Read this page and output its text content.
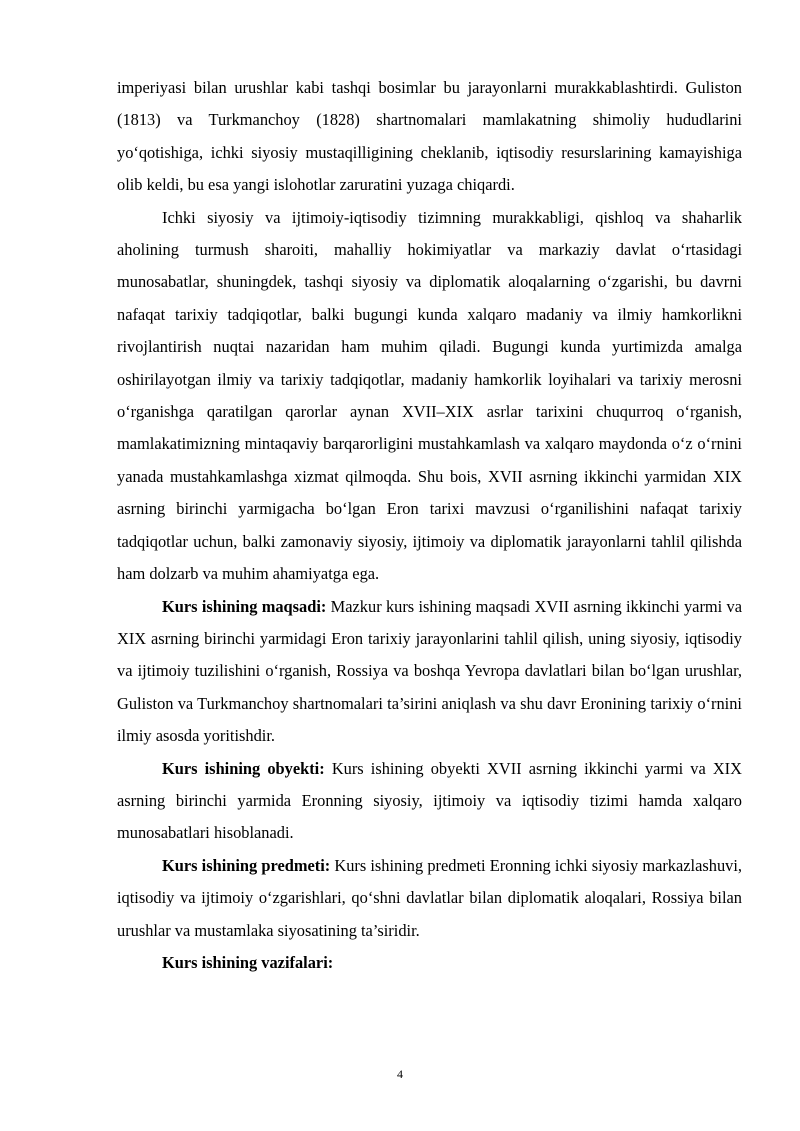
imperiyasi bilan urushlar kabi tashqi bosimlar bu jarayonlarni murakkablashtirdi. Guliston (1813) va Turkmanchoy (1828) shartnomalari mamlakatning shimoliy hududlarini yo‘qotishiga, ichki siyosiy mustaqilligining cheklanib, iqtisodiy resurslarining kamayishiga olib keldi, bu esa yangi islohotlar zaruratini yuzaga chiqardi.

Ichki siyosiy va ijtimoiy-iqtisodiy tizimning murakkabligi, qishloq va shaharlik aholining turmush sharoiti, mahalliy hokimiyatlar va markaziy davlat o‘rtasidagi munosabatlar, shuningdek, tashqi siyosiy va diplomatik aloqalarning o‘zgarishi, bu davrni nafaqat tarixiy tadqiqotlar, balki bugungi kunda xalqaro madaniy va ilmiy hamkorlikni rivojlantirish nuqtai nazaridan ham muhim qiladi. Bugungi kunda yurtimizda amalga oshirilayotgan ilmiy va tarixiy tadqiqotlar, madaniy hamkorlik loyihalari va tarixiy merosni o‘rganishga qaratilgan qarorlar aynan XVII–XIX asrlar tarixini chuqurroq o‘rganish, mamlakatimizning mintaqaviy barqarorligini mustahkamlash va xalqaro maydonda o‘z o‘rnini yanada mustahkamlashga xizmat qilmoqda. Shu bois, XVII asrning ikkinchi yarmidan XIX asrning birinchi yarmigacha bo‘lgan Eron tarixi mavzusi o‘rganilishini nafaqat tarixiy tadqiqotlar uchun, balki zamonaviy siyosiy, ijtimoiy va diplomatik jarayonlarni tahlil qilishda ham dolzarb va muhim ahamiyatga ega.

Kurs ishining maqsadi: Mazkur kurs ishining maqsadi XVII asrning ikkinchi yarmi va XIX asrning birinchi yarmidagi Eron tarixiy jarayonlarini tahlil qilish, uning siyosiy, iqtisodiy va ijtimoiy tuzilishini o‘rganish, Rossiya va boshqa Yevropa davlatlari bilan bo‘lgan urushlar, Guliston va Turkmanchoy shartnomalari ta’sirini aniqlash va shu davr Eronining tarixiy o‘rnini ilmiy asosda yoritishdir.

Kurs ishining obyekti: Kurs ishining obyekti XVII asrning ikkinchi yarmi va XIX asrning birinchi yarmida Eronning siyosiy, ijtimoiy va iqtisodiy tizimi hamda xalqaro munosabatlari hisoblanadi.

Kurs ishining predmeti: Kurs ishining predmeti Eronning ichki siyosiy markazlashuvi, iqtisodiy va ijtimoiy o‘zgarishlari, qo‘shni davlatlar bilan diplomatik aloqalari, Rossiya bilan urushlar va mustamlaka siyosatining ta’siridir.

Kurs ishining vazifalari:

4
